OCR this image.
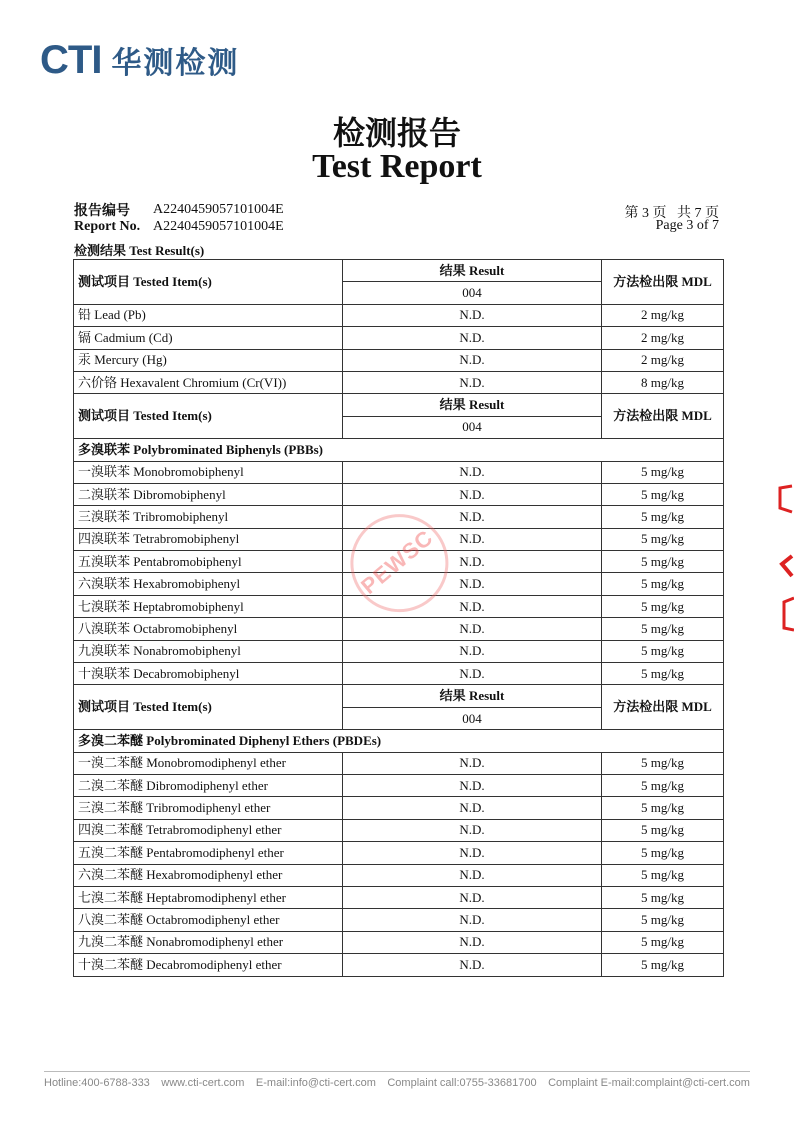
CTI 华测检测
检测报告
Test Report
报告编号 A2240459057101004E
Report No. A2240459057101004E
第 3 页   共 7 页
Page 3 of 7
检测结果 Test Result(s)
测试项目 Tested Item(s)	结果 Result	方法检出限 MDL
	004	
铅 Lead (Pb)	N.D.	2 mg/kg
镉 Cadmium (Cd)	N.D.	2 mg/kg
汞 Mercury (Hg)	N.D.	2 mg/kg
六价铬 Hexavalent Chromium (Cr(VI))	N.D.	8 mg/kg
测试项目 Tested Item(s)	结果 Result	方法检出限 MDL
	004	
多溴联苯 Polybrominated Biphenyls (PBBs)		
一溴联苯 Monobromobiphenyl	N.D.	5 mg/kg
二溴联苯 Dibromobiphenyl	N.D.	5 mg/kg
三溴联苯 Tribromobiphenyl	N.D.	5 mg/kg
四溴联苯 Tetrabromobiphenyl	N.D.	5 mg/kg
五溴联苯 Pentabromobiphenyl	N.D.	5 mg/kg
六溴联苯 Hexabromobiphenyl	N.D.	5 mg/kg
七溴联苯 Heptabromobiphenyl	N.D.	5 mg/kg
八溴联苯 Octabromobiphenyl	N.D.	5 mg/kg
九溴联苯 Nonabromobiphenyl	N.D.	5 mg/kg
十溴联苯 Decabromobiphenyl	N.D.	5 mg/kg
测试项目 Tested Item(s)	结果 Result	方法检出限 MDL
	004	
多溴二苯醚 Polybrominated Diphenyl Ethers (PBDEs)		
一溴二苯醚 Monobromodiphenyl ether	N.D.	5 mg/kg
二溴二苯醚 Dibromodiphenyl ether	N.D.	5 mg/kg
三溴二苯醚 Tribromodiphenyl ether	N.D.	5 mg/kg
四溴二苯醚 Tetrabromodiphenyl ether	N.D.	5 mg/kg
五溴二苯醚 Pentabromodiphenyl ether	N.D.	5 mg/kg
六溴二苯醚 Hexabromodiphenyl ether	N.D.	5 mg/kg
七溴二苯醚 Heptabromodiphenyl ether	N.D.	5 mg/kg
八溴二苯醚 Octabromodiphenyl ether	N.D.	5 mg/kg
九溴二苯醚 Nonabromodiphenyl ether	N.D.	5 mg/kg
十溴二苯醚 Decabromodiphenyl ether	N.D.	5 mg/kg
PEWSC
Hotline:400-6788-333 www.cti-cert.com E-mail:info@cti-cert.com Complaint call:0755-33681700 Complaint E-mail:complaint@cti-cert.com
